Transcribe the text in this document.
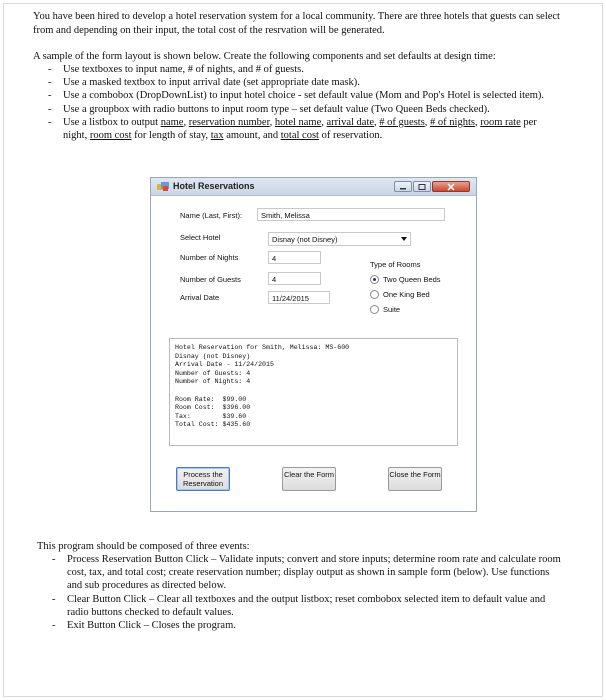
You have been hired to develop a hotel reservation system for a local community. There are three hotels that guests can select from and depending on their input, the total cost of the resrvation will be generated.
A sample of the form layout is shown below. Create the following components and set defaults at design time:
- Use textboxes to input name, # of nights, and # of guests.
- Use a masked textbox to input arrival date (set appropriate date mask).
- Use a combobox (DropDownList) to input hotel choice - set default value (Mom and Pop's Hotel is selected item).
- Use a groupbox with radio buttons to input room type – set default value (Two Queen Beds checked).
- Use a listbox to output name, reservation number, hotel name, arrival date, # of guests, # of nights, room rate per night, room cost for length of stay, tax amount, and total cost of reservation.
Hotel Reservations
Name (Last, First):	Smith, Melissa
Select Hotel	Disnay (not Disney)
Number of Nights	4
Type of Rooms
Two Queen Beds
One King Bed
Suite
Number of Guests	4
Arrival Date	11/24/2015
Hotel Reservation for Smith, Melissa: MS-600
Disnay (not Disney)
Arrival Date - 11/24/2015
Number of Guests: 4
Number of Nights: 4
Room Rate:  $99.00
Room Cost:  $396.00
Tax:        $39.60
Total Cost: $435.60
Process the Reservation
Clear the Form	Close the Form
This program should be composed of three events:
- Process Reservation Button Click – Validate inputs; convert and store inputs; determine room rate and calculate room cost, tax, and total cost; create reservation number; display output as shown in sample form (below). Use functions and sub procedures as directed below.
- Clear Button Click – Clear all textboxes and the output listbox; reset combobox selected item to default value and radio buttons checked to default values.
- Exit Button Click – Closes the program.
